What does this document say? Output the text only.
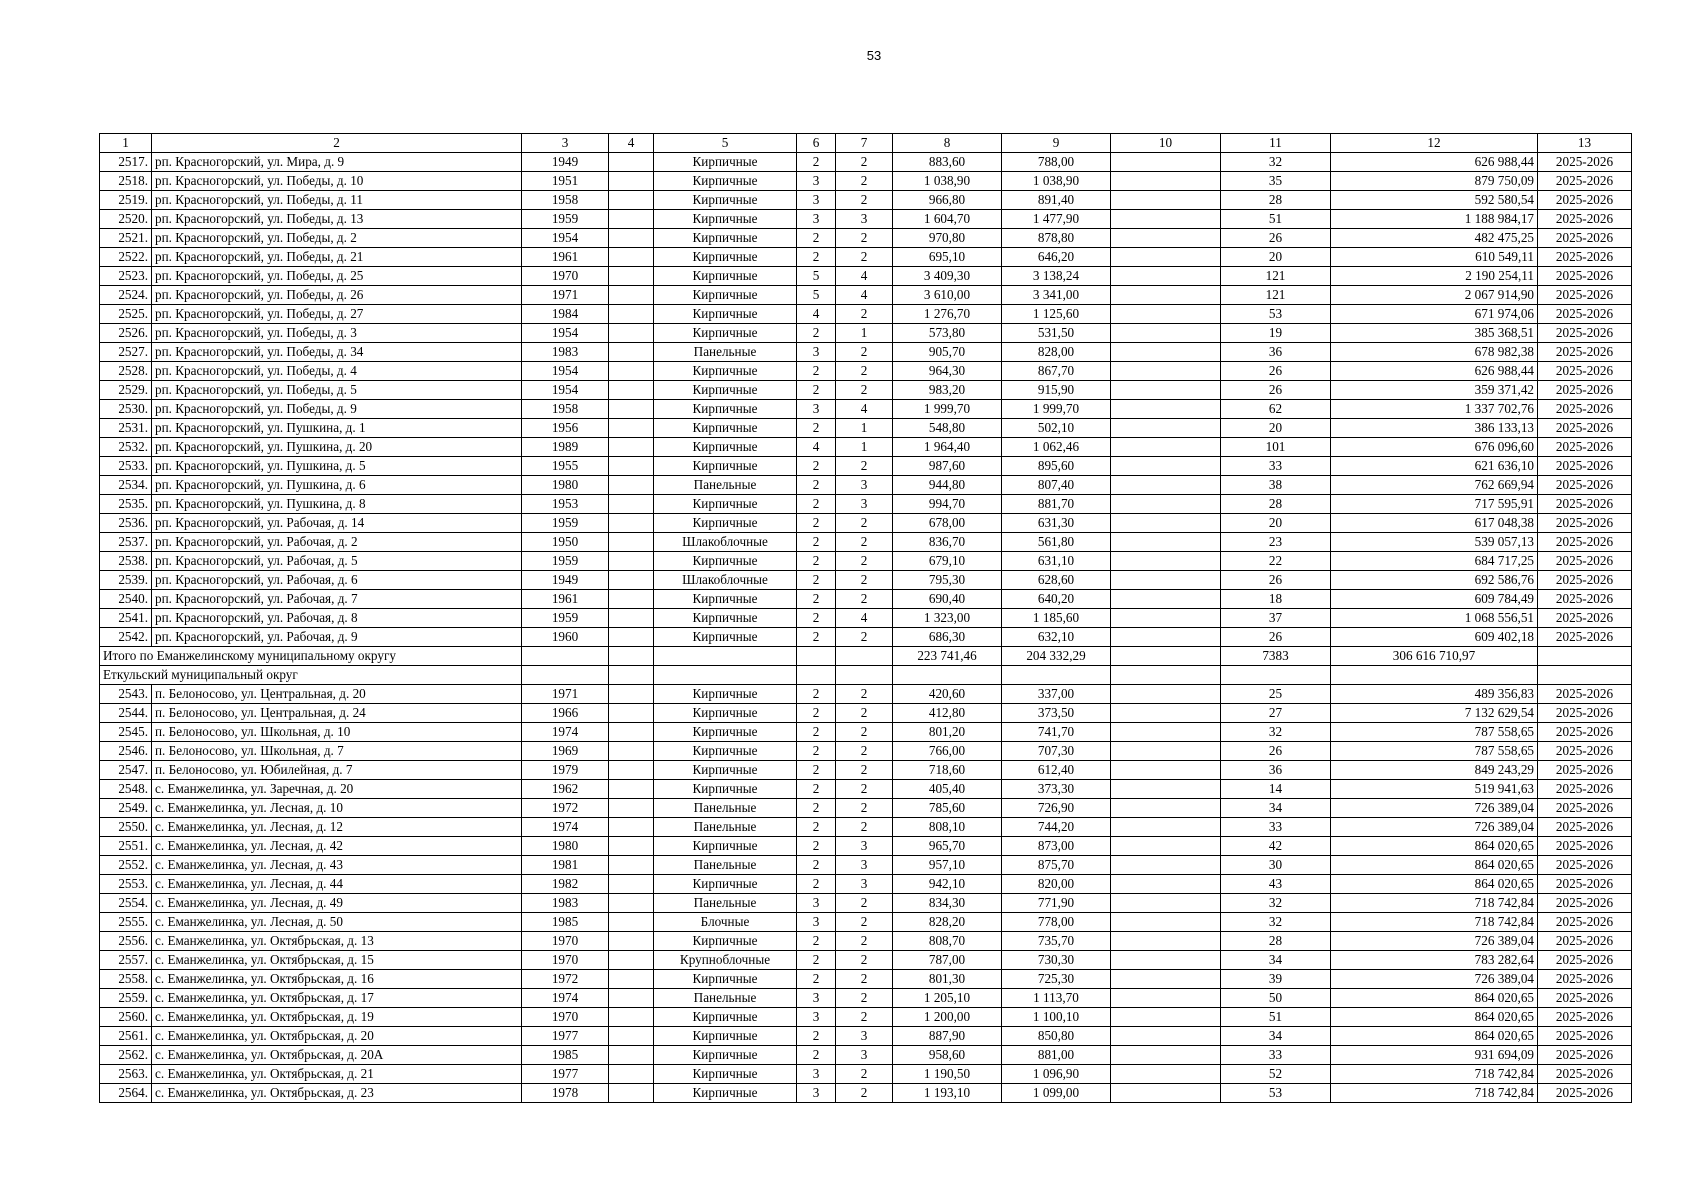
53
1	2	3	4	5	6	7	8	9	10	11	12	13
2517.	рп. Красногорский, ул. Мира, д. 9	1949		Кирпичные	2	2	883,60	788,00		32	626 988,44	2025-2026
2518.	рп. Красногорский, ул. Победы, д. 10	1951		Кирпичные	3	2	1 038,90	1 038,90		35	879 750,09	2025-2026
2519.	рп. Красногорский, ул. Победы, д. 11	1958		Кирпичные	3	2	966,80	891,40		28	592 580,54	2025-2026
2520.	рп. Красногорский, ул. Победы, д. 13	1959		Кирпичные	3	3	1 604,70	1 477,90		51	1 188 984,17	2025-2026
2521.	рп. Красногорский, ул. Победы, д. 2	1954		Кирпичные	2	2	970,80	878,80		26	482 475,25	2025-2026
2522.	рп. Красногорский, ул. Победы, д. 21	1961		Кирпичные	2	2	695,10	646,20		20	610 549,11	2025-2026
2523.	рп. Красногорский, ул. Победы, д. 25	1970		Кирпичные	5	4	3 409,30	3 138,24		121	2 190 254,11	2025-2026
2524.	рп. Красногорский, ул. Победы, д. 26	1971		Кирпичные	5	4	3 610,00	3 341,00		121	2 067 914,90	2025-2026
2525.	рп. Красногорский, ул. Победы, д. 27	1984		Кирпичные	4	2	1 276,70	1 125,60		53	671 974,06	2025-2026
2526.	рп. Красногорский, ул. Победы, д. 3	1954		Кирпичные	2	1	573,80	531,50		19	385 368,51	2025-2026
2527.	рп. Красногорский, ул. Победы, д. 34	1983		Панельные	3	2	905,70	828,00		36	678 982,38	2025-2026
2528.	рп. Красногорский, ул. Победы, д. 4	1954		Кирпичные	2	2	964,30	867,70		26	626 988,44	2025-2026
2529.	рп. Красногорский, ул. Победы, д. 5	1954		Кирпичные	2	2	983,20	915,90		26	359 371,42	2025-2026
2530.	рп. Красногорский, ул. Победы, д. 9	1958		Кирпичные	3	4	1 999,70	1 999,70		62	1 337 702,76	2025-2026
2531.	рп. Красногорский, ул. Пушкина, д. 1	1956		Кирпичные	2	1	548,80	502,10		20	386 133,13	2025-2026
2532.	рп. Красногорский, ул. Пушкина, д. 20	1989		Кирпичные	4	1	1 964,40	1 062,46		101	676 096,60	2025-2026
2533.	рп. Красногорский, ул. Пушкина, д. 5	1955		Кирпичные	2	2	987,60	895,60		33	621 636,10	2025-2026
2534.	рп. Красногорский, ул. Пушкина, д. 6	1980		Панельные	2	3	944,80	807,40		38	762 669,94	2025-2026
2535.	рп. Красногорский, ул. Пушкина, д. 8	1953		Кирпичные	2	3	994,70	881,70		28	717 595,91	2025-2026
2536.	рп. Красногорский, ул. Рабочая, д. 14	1959		Кирпичные	2	2	678,00	631,30		20	617 048,38	2025-2026
2537.	рп. Красногорский, ул. Рабочая, д. 2	1950		Шлакоблочные	2	2	836,70	561,80		23	539 057,13	2025-2026
2538.	рп. Красногорский, ул. Рабочая, д. 5	1959		Кирпичные	2	2	679,10	631,10		22	684 717,25	2025-2026
2539.	рп. Красногорский, ул. Рабочая, д. 6	1949		Шлакоблочные	2	2	795,30	628,60		26	692 586,76	2025-2026
2540.	рп. Красногорский, ул. Рабочая, д. 7	1961		Кирпичные	2	2	690,40	640,20		18	609 784,49	2025-2026
2541.	рп. Красногорский, ул. Рабочая, д. 8	1959		Кирпичные	2	4	1 323,00	1 185,60		37	1 068 556,51	2025-2026
2542.	рп. Красногорский, ул. Рабочая, д. 9	1960		Кирпичные	2	2	686,30	632,10		26	609 402,18	2025-2026
Итого по Еманжелинскому муниципальному округу							223 741,46	204 332,29		7383	306 616 710,97	
Еткульский муниципальный округ												
2543.	п. Белоносово, ул. Центральная, д. 20	1971		Кирпичные	2	2	420,60	337,00		25	489 356,83	2025-2026
2544.	п. Белоносово, ул. Центральная, д. 24	1966		Кирпичные	2	2	412,80	373,50		27	7 132 629,54	2025-2026
2545.	п. Белоносово, ул. Школьная, д. 10	1974		Кирпичные	2	2	801,20	741,70		32	787 558,65	2025-2026
2546.	п. Белоносово, ул. Школьная, д. 7	1969		Кирпичные	2	2	766,00	707,30		26	787 558,65	2025-2026
2547.	п. Белоносово, ул. Юбилейная, д. 7	1979		Кирпичные	2	2	718,60	612,40		36	849 243,29	2025-2026
2548.	с. Еманжелинка, ул. Заречная, д. 20	1962		Кирпичные	2	2	405,40	373,30		14	519 941,63	2025-2026
2549.	с. Еманжелинка, ул. Лесная, д. 10	1972		Панельные	2	2	785,60	726,90		34	726 389,04	2025-2026
2550.	с. Еманжелинка, ул. Лесная, д. 12	1974		Панельные	2	2	808,10	744,20		33	726 389,04	2025-2026
2551.	с. Еманжелинка, ул. Лесная, д. 42	1980		Кирпичные	2	3	965,70	873,00		42	864 020,65	2025-2026
2552.	с. Еманжелинка, ул. Лесная, д. 43	1981		Панельные	2	3	957,10	875,70		30	864 020,65	2025-2026
2553.	с. Еманжелинка, ул. Лесная, д. 44	1982		Кирпичные	2	3	942,10	820,00		43	864 020,65	2025-2026
2554.	с. Еманжелинка, ул. Лесная, д. 49	1983		Панельные	3	2	834,30	771,90		32	718 742,84	2025-2026
2555.	с. Еманжелинка, ул. Лесная, д. 50	1985		Блочные	3	2	828,20	778,00		32	718 742,84	2025-2026
2556.	с. Еманжелинка, ул. Октябрьская, д. 13	1970		Кирпичные	2	2	808,70	735,70		28	726 389,04	2025-2026
2557.	с. Еманжелинка, ул. Октябрьская, д. 15	1970		Крупноблочные	2	2	787,00	730,30		34	783 282,64	2025-2026
2558.	с. Еманжелинка, ул. Октябрьская, д. 16	1972		Кирпичные	2	2	801,30	725,30		39	726 389,04	2025-2026
2559.	с. Еманжелинка, ул. Октябрьская, д. 17	1974		Панельные	3	2	1 205,10	1 113,70		50	864 020,65	2025-2026
2560.	с. Еманжелинка, ул. Октябрьская, д. 19	1970		Кирпичные	3	2	1 200,00	1 100,10		51	864 020,65	2025-2026
2561.	с. Еманжелинка, ул. Октябрьская, д. 20	1977		Кирпичные	2	3	887,90	850,80		34	864 020,65	2025-2026
2562.	с. Еманжелинка, ул. Октябрьская, д. 20А	1985		Кирпичные	2	3	958,60	881,00		33	931 694,09	2025-2026
2563.	с. Еманжелинка, ул. Октябрьская, д. 21	1977		Кирпичные	3	2	1 190,50	1 096,90		52	718 742,84	2025-2026
2564.	с. Еманжелинка, ул. Октябрьская, д. 23	1978		Кирпичные	3	2	1 193,10	1 099,00		53	718 742,84	2025-2026
